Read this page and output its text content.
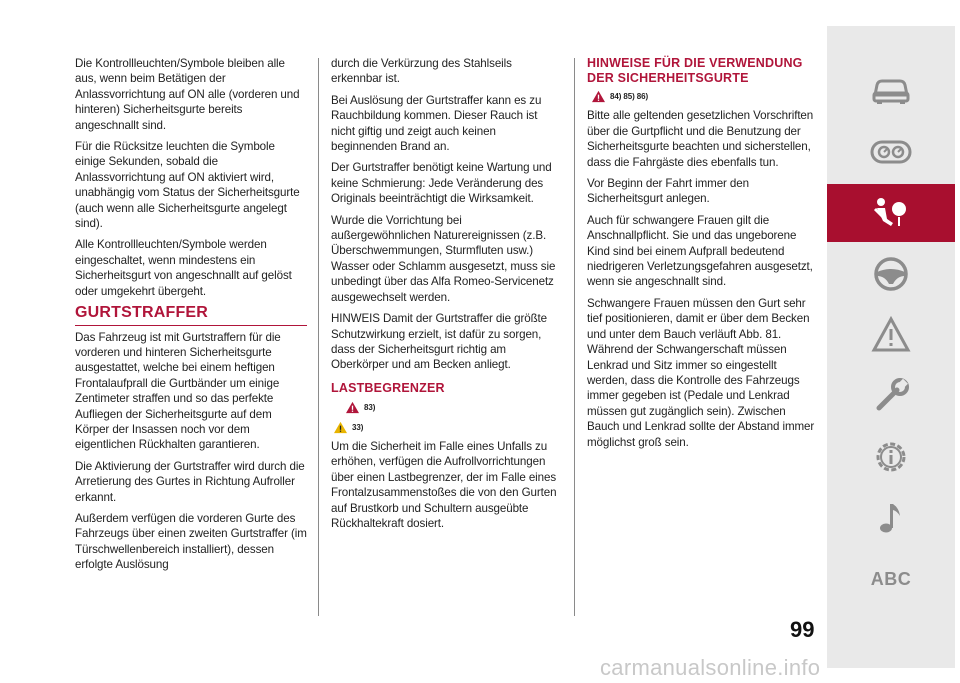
Die Kontrollleuchten/Symbole bleiben alle aus, wenn beim Betätigen der Anlassvorrichtung auf ON alle (vorderen und hinteren) Sicherheitsgurte bereits angeschnallt sind.

Für die Rücksitze leuchten die Symbole einige Sekunden, sobald die Anlassvorrichtung auf ON aktiviert wird, unabhängig vom Status der Sicherheitsgurte (auch wenn alle Sicherheitsgurte angelegt sind).

Alle Kontrollleuchten/Symbole werden eingeschaltet, wenn mindestens ein Sicherheitsgurt von angeschnallt auf gelöst oder umgekehrt übergeht.

GURTSTRAFFER

Das Fahrzeug ist mit Gurtstraffern für die vorderen und hinteren Sicherheitsgurte ausgestattet, welche bei einem heftigen Frontalaufprall die Gurtbänder um einige Zentimeter straffen und so das perfekte Aufliegen der Sicherheitsgurte auf dem Körper der Insassen noch vor dem eigentlichen Rückhalten garantieren.

Die Aktivierung der Gurtstraffer wird durch die Arretierung des Gurtes in Richtung Aufroller erkannt.

Außerdem verfügen die vorderen Gurte des Fahrzeugs über einen zweiten Gurtstraffer (im Türschwellenbereich installiert), dessen erfolgte Auslösung

durch die Verkürzung des Stahlseils erkennbar ist.

Bei Auslösung der Gurtstraffer kann es zu Rauchbildung kommen. Dieser Rauch ist nicht giftig und zeigt auch keinen beginnenden Brand an.

Der Gurtstraffer benötigt keine Wartung und keine Schmierung: Jede Veränderung des Originals beeinträchtigt die Wirksamkeit.

Wurde die Vorrichtung bei außergewöhnlichen Naturereignissen (z.B. Überschwemmungen, Sturmfluten usw.) Wasser oder Schlamm ausgesetzt, muss sie unbedingt über das Alfa Romeo-Servicenetz ausgewechselt werden.

HINWEIS Damit der Gurtstraffer die größte Schutzwirkung erzielt, ist dafür zu sorgen, dass der Sicherheitsgurt richtig am Oberkörper und am Becken anliegt.

LASTBEGRENZER
83)
33)

Um die Sicherheit im Falle eines Unfalls zu erhöhen, verfügen die Aufrollvorrichtungen über einen Lastbegrenzer, der im Falle eines Frontalzusammenstoßes die von den Gurten auf Brustkorb und Schultern ausgeübte Rückhaltekraft dosiert.

HINWEISE FÜR DIE VERWENDUNG DER SICHERHEITSGURTE
84) 85) 86)

Bitte alle geltenden gesetzlichen Vorschriften über die Gurtpflicht und die Benutzung der Sicherheitsgurte beachten und sicherstellen, dass die Fahrgäste dies ebenfalls tun.

Vor Beginn der Fahrt immer den Sicherheitsgurt anlegen.

Auch für schwangere Frauen gilt die Anschnallpflicht. Sie und das ungeborene Kind sind bei einem Aufprall bedeutend niedrigeren Verletzungsgefahren ausgesetzt, wenn sie angeschnallt sind.

Schwangere Frauen müssen den Gurt sehr tief positionieren, damit er über dem Becken und unter dem Bauch verläuft Abb. 81. Während der Schwangerschaft müssen Lenkrad und Sitz immer so eingestellt werden, dass die Kontrolle des Fahrzeugs immer gegeben ist (Pedale und Lenkrad müssen gut zugänglich sein). Zwischen Bauch und Lenkrad sollte der Abstand immer möglichst groß sein.

ABC
99
carmanualsonline.info
